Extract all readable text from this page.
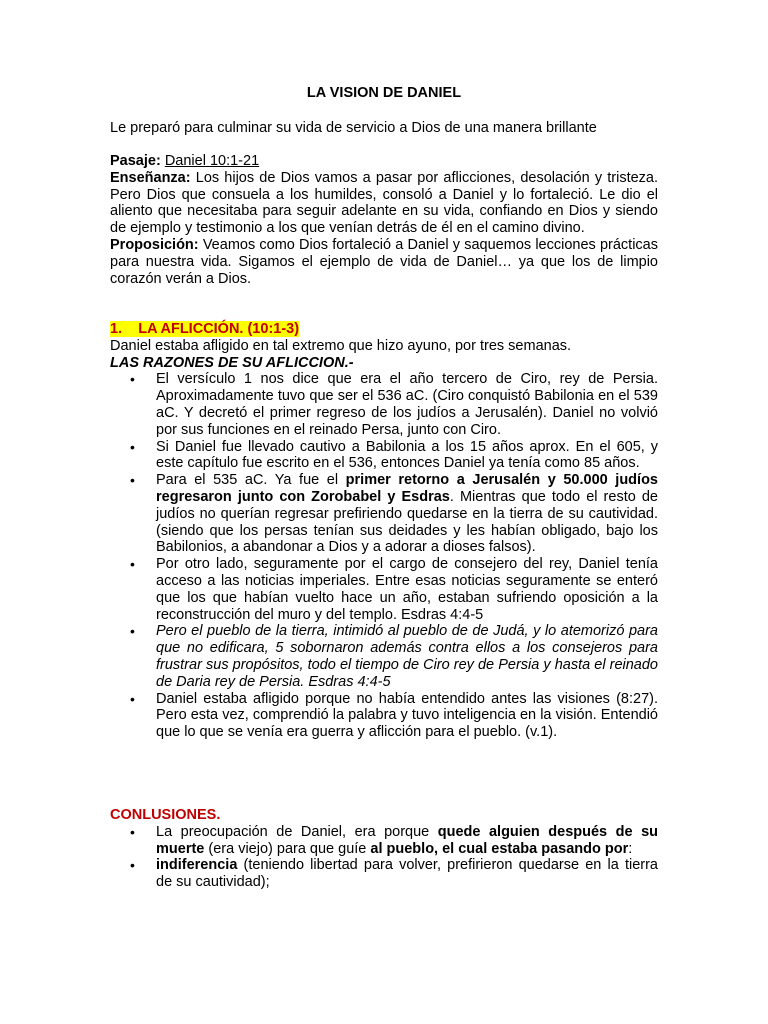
LA VISION DE DANIEL

Le preparó para culminar su vida de servicio a Dios de una manera brillante

Pasaje: Daniel 10:1-21

Enseñanza: Los hijos de Dios vamos a pasar por aflicciones, desolación y tristeza. Pero Dios que consuela a los humildes, consoló a Daniel y lo fortaleció. Le dio el aliento que necesitaba para seguir adelante en su vida, confiando en Dios y siendo de ejemplo y testimonio a los que venían detrás de él en el camino divino.

Proposición: Veamos como Dios fortaleció a Daniel y saquemos lecciones prácticas para nuestra vida. Sigamos el ejemplo de vida de Daniel… ya que los de limpio corazón verán a Dios.

1.    LA AFLICCIÓN. (10:1-3)

Daniel estaba afligido en tal extremo que hizo ayuno, por tres semanas.

LAS RAZONES DE SU AFLICCION.-

• El versículo 1 nos dice que era el año tercero de Ciro, rey de Persia. Aproximadamente tuvo que ser el 536 aC. (Ciro conquistó Babilonia en el 539 aC. Y decretó el primer regreso de los judíos a Jerusalén). Daniel no volvió por sus funciones en el reinado Persa, junto con Ciro.
• Si Daniel fue llevado cautivo a Babilonia a los 15 años aprox. En el 605, y este capítulo fue escrito en el 536, entonces Daniel ya tenía como 85 años.
• Para el 535 aC. Ya fue el primer retorno a Jerusalén y 50.000 judíos regresaron junto con Zorobabel y Esdras. Mientras que todo el resto de judíos no querían regresar prefiriendo quedarse en la tierra de su cautividad. (siendo que los persas tenían sus deidades y les habían obligado, bajo los Babilonios, a abandonar a Dios y a adorar a dioses falsos).
• Por otro lado, seguramente por el cargo de consejero del rey, Daniel tenía acceso a las noticias imperiales. Entre esas noticias seguramente se enteró que los que habían vuelto hace un año, estaban sufriendo oposición a la reconstrucción del muro y del templo. Esdras 4:4-5
• Pero el pueblo de la tierra, intimidó al pueblo de de Judá, y lo atemorizó para que no edificara, 5 sobornaron además contra ellos a los consejeros para frustrar sus propósitos, todo el tiempo de Ciro rey de Persia y hasta el reinado de Daria rey de Persia. Esdras 4:4-5
• Daniel estaba afligido porque no había entendido antes las visiones (8:27). Pero esta vez, comprendió la palabra y tuvo inteligencia en la visión. Entendió que lo que se venía era guerra y aflicción para el pueblo. (v.1).

CONLUSIONES.

• La preocupación de Daniel, era porque quede alguien después de su muerte (era viejo) para que guíe al pueblo, el cual estaba pasando por:
• indiferencia (teniendo libertad para volver, prefirieron quedarse en la tierra de su cautividad);
